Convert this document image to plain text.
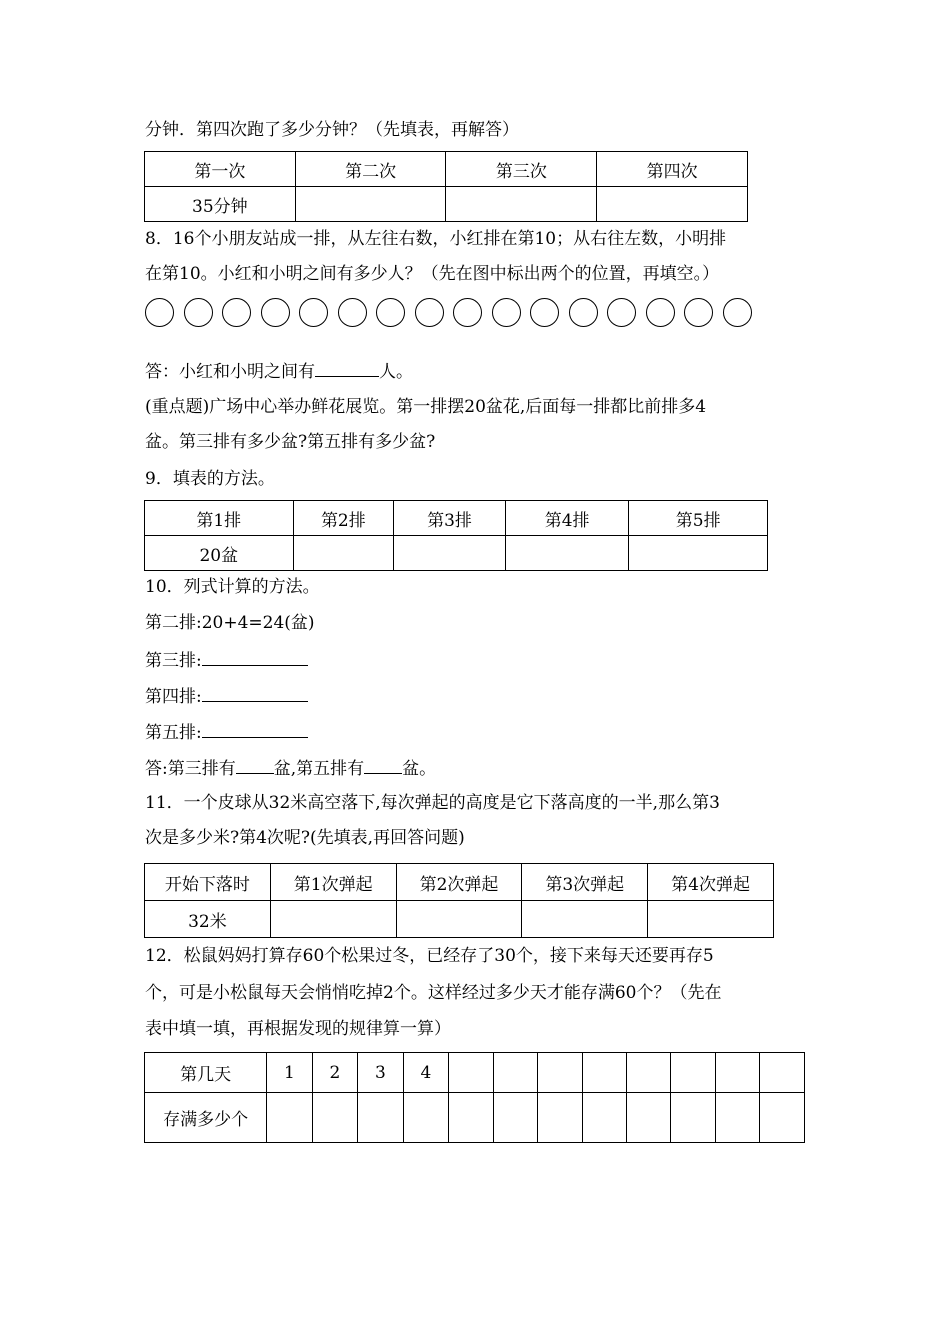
分钟．第四次跑了多少分钟？（先填表，再解答）
第一次	第二次	第三次	第四次
35分钟			
8．16个小朋友站成一排，从左往右数，小红排在第10；从右往左数，小明排
在第10。小红和小明之间有多少人？（先在图中标出两个的位置，再填空。）
答：小红和小明之间有	人。
(重点题)广场中心举办鲜花展览。第一排摆20盆花,后面每一排都比前排多4
盆。第三排有多少盆?第五排有多少盆?
9．填表的方法。
第1排	第2排	第3排	第4排	第5排
20盆				
10．列式计算的方法。
第二排:20+4=24(盆)
第三排:
第四排:
第五排:
答:第三排有 盆,第五排有 盆。
11．一个皮球从32米高空落下,每次弹起的高度是它下落高度的一半,那么第3
次是多少米?第4次呢?(先填表,再回答问题)
开始下落时	第1次弹起	第2次弹起	第3次弹起	第4次弹起
32米				
12．松鼠妈妈打算存60个松果过冬，已经存了30个，接下来每天还要再存5
个，可是小松鼠每天会悄悄吃掉2个。这样经过多少天才能存满60个？（先在
表中填一填，再根据发现的规律算一算）
第几天	1	2	3	4								
存满多少个												
